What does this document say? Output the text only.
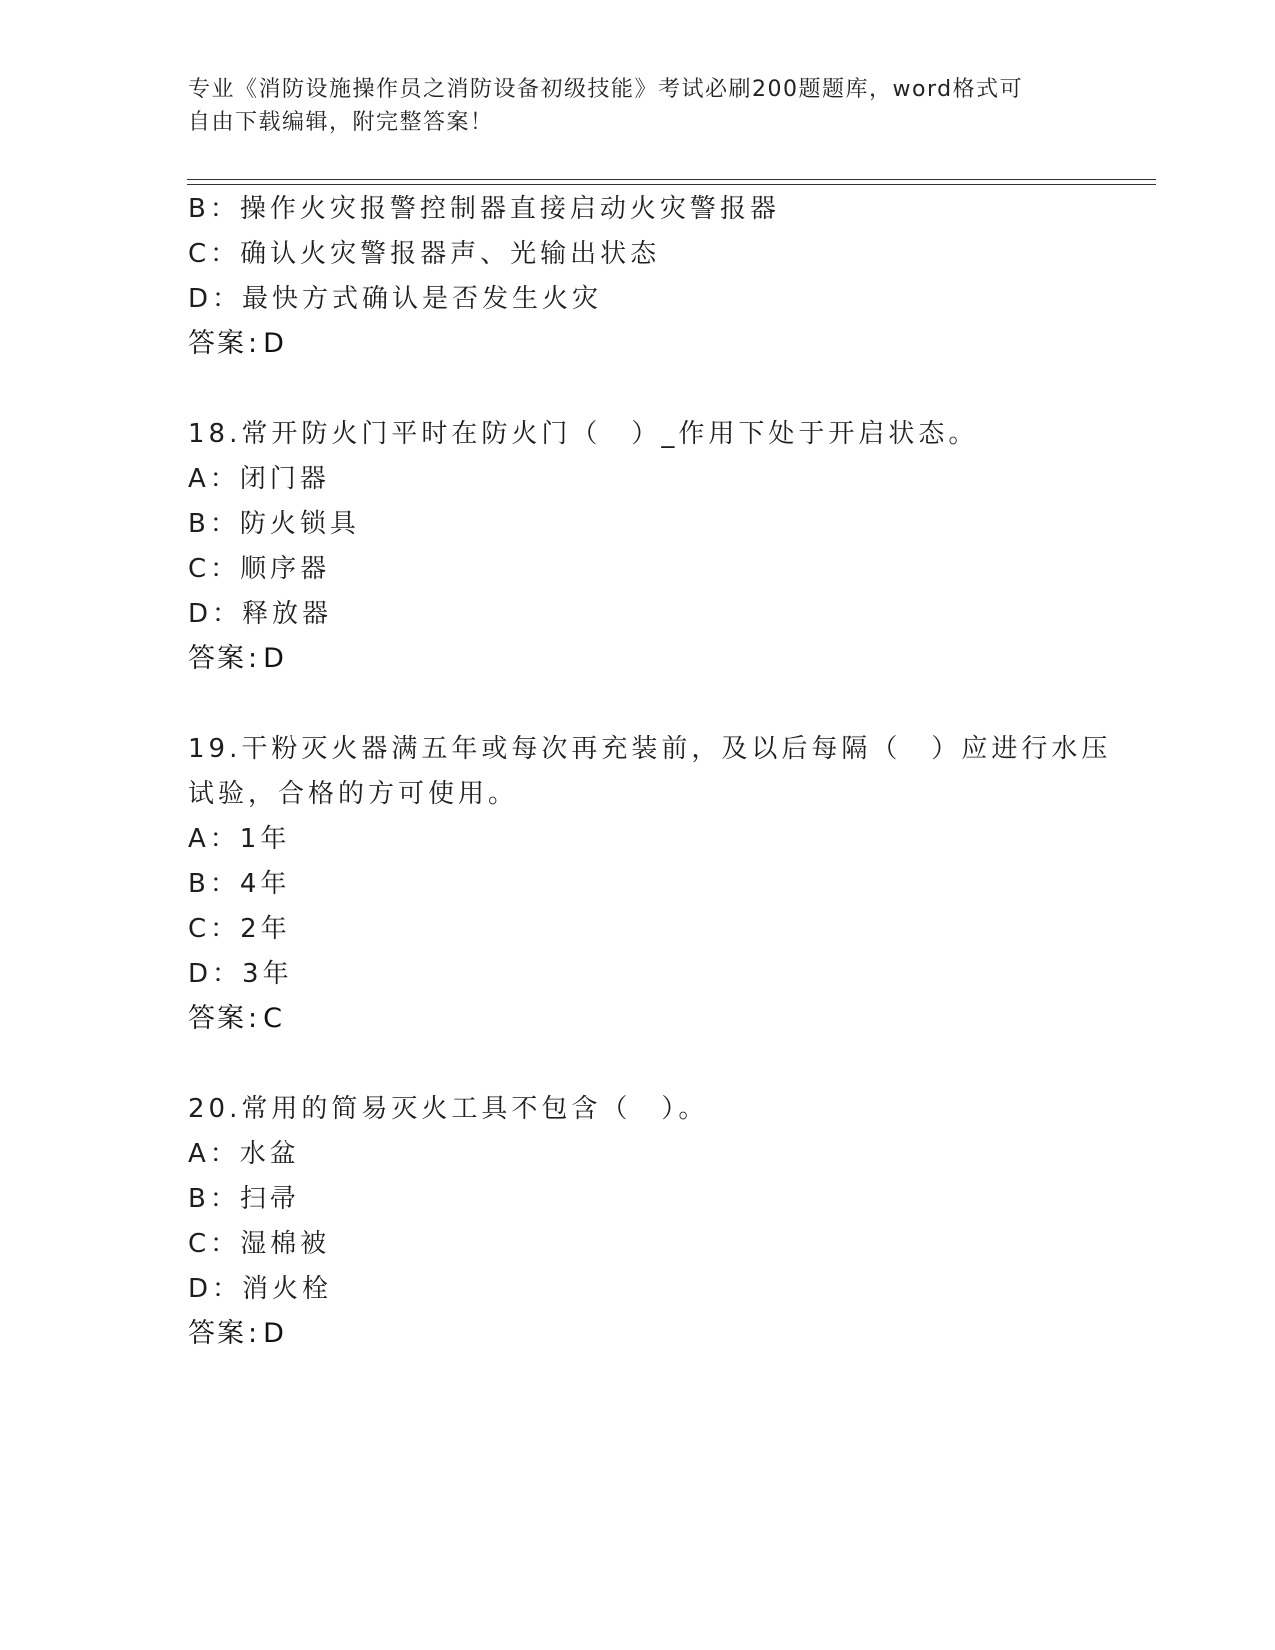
专业《消防设施操作员之消防设备初级技能》考试必刷200题题库，word格式可
自由下载编辑，附完整答案！
B：操作火灾报警控制器直接启动火灾警报器
C：确认火灾警报器声、光输出状态
D：最快方式确认是否发生火灾
答案: D
18.常开防火门平时在防火门（　）_作用下处于开启状态。
A：闭门器
B：防火锁具
C：顺序器
D：释放器
答案: D
19.干粉灭火器满五年或每次再充装前，及以后每隔（　）应进行水压
试验，合格的方可使用。
A：1年
B：4年
C：2年
D：3年
答案: C
20.常用的简易灭火工具不包含（　）。
A：水盆
B：扫帚
C：湿棉被
D：消火栓
答案: D
